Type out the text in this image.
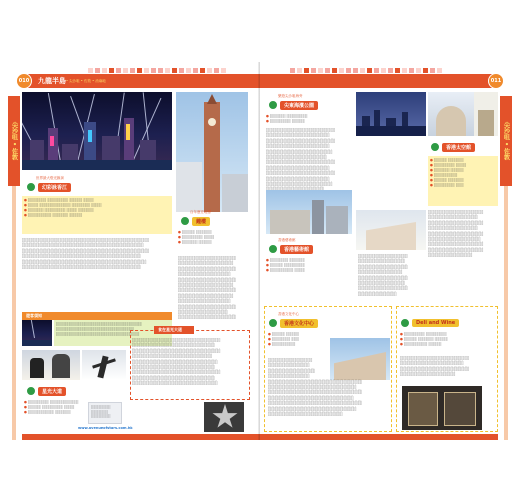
010	九龍半島 • 尖沙咀 • 佐敦 • 油麻地
尖沙咀 • 佐敦
世界最大燈光匯演
幻彩詠香江
● ░░░░░░░ ░░░░░░░░ ░░░░░ ░░░░
● ░░░░ ░░░░░░░░░░░░ ░░░░░░░ ░░░░
● ░░░░░░ ░░░░░░░░ ░░░░ ░░░░░░
● ░░░░░░░░░ ░░░░░░ ░░░░░
░░░░░░░░░░░░░░░░░░░░░░░░░░░░░░░░░░░░░░░░░░░░░░
░░░░░░░░░░░░░░░░░░░░░░░░░░░░░░░░░░░░░░░░░░░░
░░░░░░░░░░░░░░░░░░░░░░░░░░░░░░░░░░░░░░░░░░░░░░
░░░░░░░░░░░░░░░░░░░░░░░░░░░░░░░░░░░░░░░░░░░
░░░░░░░░░░░░░░░░░░░░░░░░░░░░░░░░░░░░░░░░░░░░░
░░░░░░░░░░░░░░░░░░░░░░░░░░░░░░░░░░░░░░░░░░░
百年歷史地標
鐘樓
● ░░░░░ ░░░░░░
● ░░░░░░░░ ░░░░
● ░░░░░░ ░░░░░
░░░░░░░░░░░░░░░░░░░░░
░░░░░░░░░░░░░░░░░░░░
░░░░░░░░░░░░░░░░░░░░░
░░░░░░░░░░░░░░░░░░░
░░░░░░░░░░░░░░░░░░░░░
░░░░░░░░░░░░░░░░░░░░
░░░░░░░░░░░░░░░░░░░░░
░░░░░░░░░░░░░░░░░░░░
░░░░░░░░░░░░░░░░░░░
░░░░░░░░░░░░░░░░░░░░░
░░░░░░░░░░░░░░░░░░
░░░░░░░░░░░░░░░░░░░░░
遊客須知
░░░░░░░░░░░░░░░░░░░░░░░░░░░░░░░░░
░░░░░░░░░░░░░░░░░░░░░░░░░░░░░░
░░░░░░░░░░░░░░░░░░░░░░░░░░░░░░░░
食在星光大道
░░░░░░░░░░░░░░░░░░░░░░░░░░░░░░░░
░░░░░░░░░░░░░░░░░░░░░░░░░░░░░░
░░░░░░░░░░░░░░░░░░░░░░░░░░░░░░░░
░░░░░░░░░░░░░░░░░░░░░░░░░░░░░
░░░░░░░░░░░░░░░░░░░░░░░░░░░░░░░
░░░░░░░░░░░░░░░░░░░░░░░░░░░░░░
░░░░░░░░░░░░░░░░░░░░░░░░░░░░░░░░
░░░░░░░░░░░░░░░░░░░░░░░░░░░░░░
░░░░░░░░░░░░░░░░░░░░░░░░░░░░░░░
星光大道
● ░░░░░░░░ ░░░░░░░░░░░
● ░░░░░ ░░░░░░░░ ░░░░
● ░░░░░░░░░░ ░░░░░░
www.avenueofstars.com.hk
░░░░░░░░
░░░░░░░
░░░░░░░░
011
尖沙咀 • 佐敦
樂遊尖沙咀海旁
尖東海濱公園
● ░░░░░░ ░░░░░░░░
● ░░░░░░░░ ░░░░░
░░░░░░░░░░░░░░░░░░░░░░░░░
░░░░░░░░░░░░░░░░░░░░░░░
░░░░░░░░░░░░░░░░░░░░░░░░░
░░░░░░░░░░░░░░░░░░░░░░░
░░░░░░░░░░░░░░░░░░░░░░░░
░░░░░░░░░░░░░░░░░░░░░░
░░░░░░░░░░░░░░░░░░░░░░░░░
░░░░░░░░░░░░░░░░░░░░░░░
░░░░░░░░░░░░░░░░░░░░░░░░░
░░░░░░░░░░░░░░░░░░░░░░░
░░░░░░░░░░░░░░░░░░░░░░░░

香港太空館
● ░░░░░ ░░░░░░
● ░░░░░░░░ ░░░░
● ░░░░░░ ░░░░░
● ░░░░░░░░░
● ░░░░░ ░░░░░░
● ░░░░░░░░ ░░░
░░░░░░░░░░░░░░░░░░░░
░░░░░░░░░░░░░░░░░░
░░░░░░░░░░░░░░░░░░░░
░░░░░░░░░░░░░░░░░░
░░░░░░░░░░░░░░░░░░░░
░░░░░░░░░░░░░░░░░░░
░░░░░░░░░░░░░░░░░░░░
░░░░░░░░░░░░░░░░░░░░
░░░░░░░░░░░░░░░░
香港藝術館
香港藝術館
● ░░░░░░░ ░░░░░░
● ░░░░░ ░░░░░░░░
● ░░░░░░░░░ ░░░░
░░░░░░░░░░░░░░░░░░
░░░░░░░░░░░░░░░░░
░░░░░░░░░░░░░░░░░░
░░░░░░░░░░░░░░░░
░░░░░░░░░░░░░░░░░░
░░░░░░░░░░░░░░░░░
░░░░░░░░░░░░░░░░░░
░░░░░░░░░░░░░░
香港文化中心
香港文化中心
● ░░░░░ ░░░░░
● ░░░░░░░ ░░░
● ░░░░░░░░░
░░░░░░░░░░░░░░░░
░░░░░░░░░░░░░░░
░░░░░░░░░░░░░░░░░
░░░░░░░░░░░░░░░
░░░░░░░░░░░░░░░░░░░░░░░░░░░░░░░░░░
░░░░░░░░░░░░░░░░░░░░░░░░░░░░░░░░
░░░░░░░░░░░░░░░░░░░░░░░░░░░░░░░░░░
░░░░░░░░░░░░░░░░░░░░░░░░░░░░░░░
░░░░░░░░░░░░░░░░░░░░░░░░░░░░░░░░░░
░░░░░░░░░░░░░░░░░░░░░░░░░░░░░░░░
░░░░░░░░░░░░░░░░░░░░░░░░░░░
Deli and Wine
● ░░░░░░░░ ░░░░░░░░
● ░░░░░ ░░░░░░ ░░░░░
● ░░░░░░░░░ ░░░░░
░░░░░░░░░░░░░░░░░░░░░░░░░
░░░░░░░░░░░░░░░░░░░░░░░
░░░░░░░░░░░░░░░░░░░░░░░░░
░░░░░░░░░░░░░░░░░░░░
